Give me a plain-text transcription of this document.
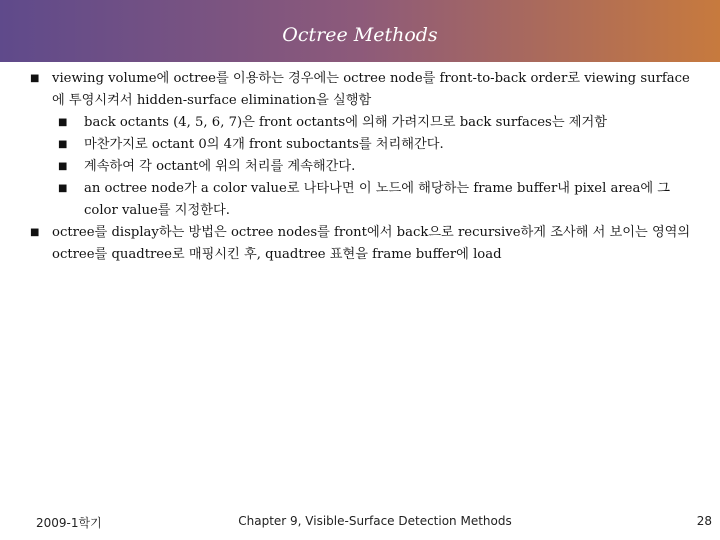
Octree Methods
■ viewing volume에 octree를 이용하는 경우에는 octree node를 front-to-back order로 viewing surface에 투영시켜서 hidden-surface elimination을 실행함
■ back octants (4, 5, 6, 7)은 front octants에 의해 가려지므로 back surfaces는 제거함
■ 마찬가지로 octant 0의 4개 front suboctants를 처리해간다.
■ 계속하여 각 octant에 위의 처리를 계속해간다.
■ an octree node가 a color value로 나타나면 이 노드에 해당하는 frame buffer내 pixel area에 그 color value를 지정한다.
■ octree를 display하는 방법은 octree nodes를 front에서 back으로 recursive하게 조사해 서 보이는 영역의 octree를 quadtree로 매핑시킨 후, quadtree 표현을 frame buffer에 load
2009-1학기	Chapter 9, Visible-Surface Detection Methods	28
